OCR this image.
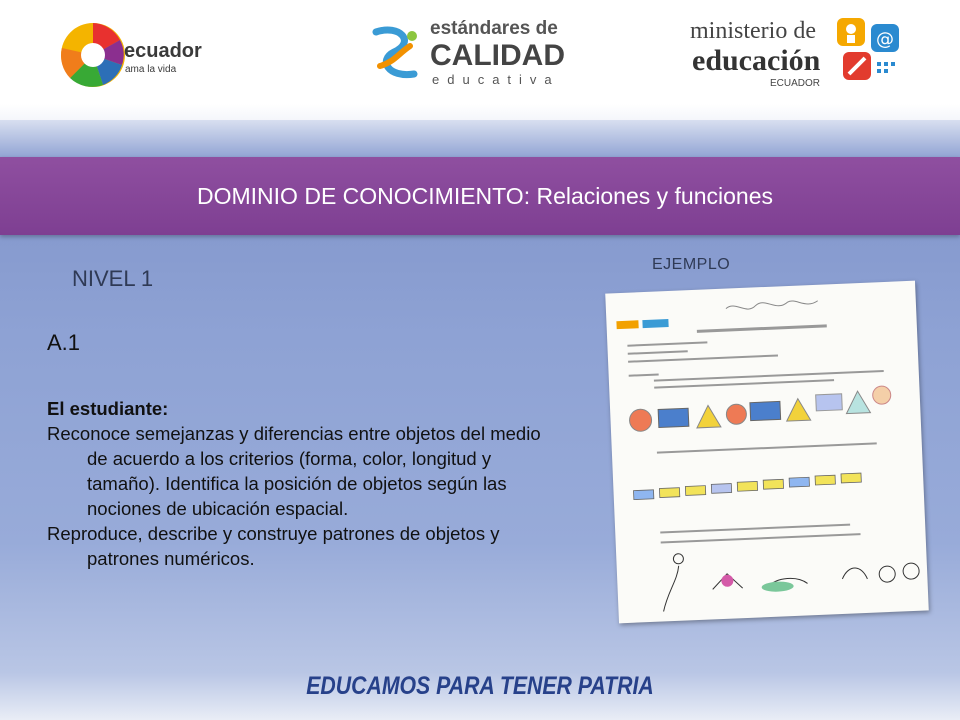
ecuador
ama la vida
estándares de
CALIDAD
educativa
ministerio de
educación
ECUADOR
@
DOMINIO DE CONOCIMIENTO: Relaciones y funciones
NIVEL 1
EJEMPLO
A.1

El estudiante:

Reconoce semejanzas y diferencias entre objetos del medio de acuerdo a los criterios (forma, color, longitud y tamaño). Identifica la posición de objetos según las nociones de ubicación espacial.

Reproduce, describe y construye patrones de objetos y patrones numéricos.

EDUCAMOS PARA TENER PATRIA
